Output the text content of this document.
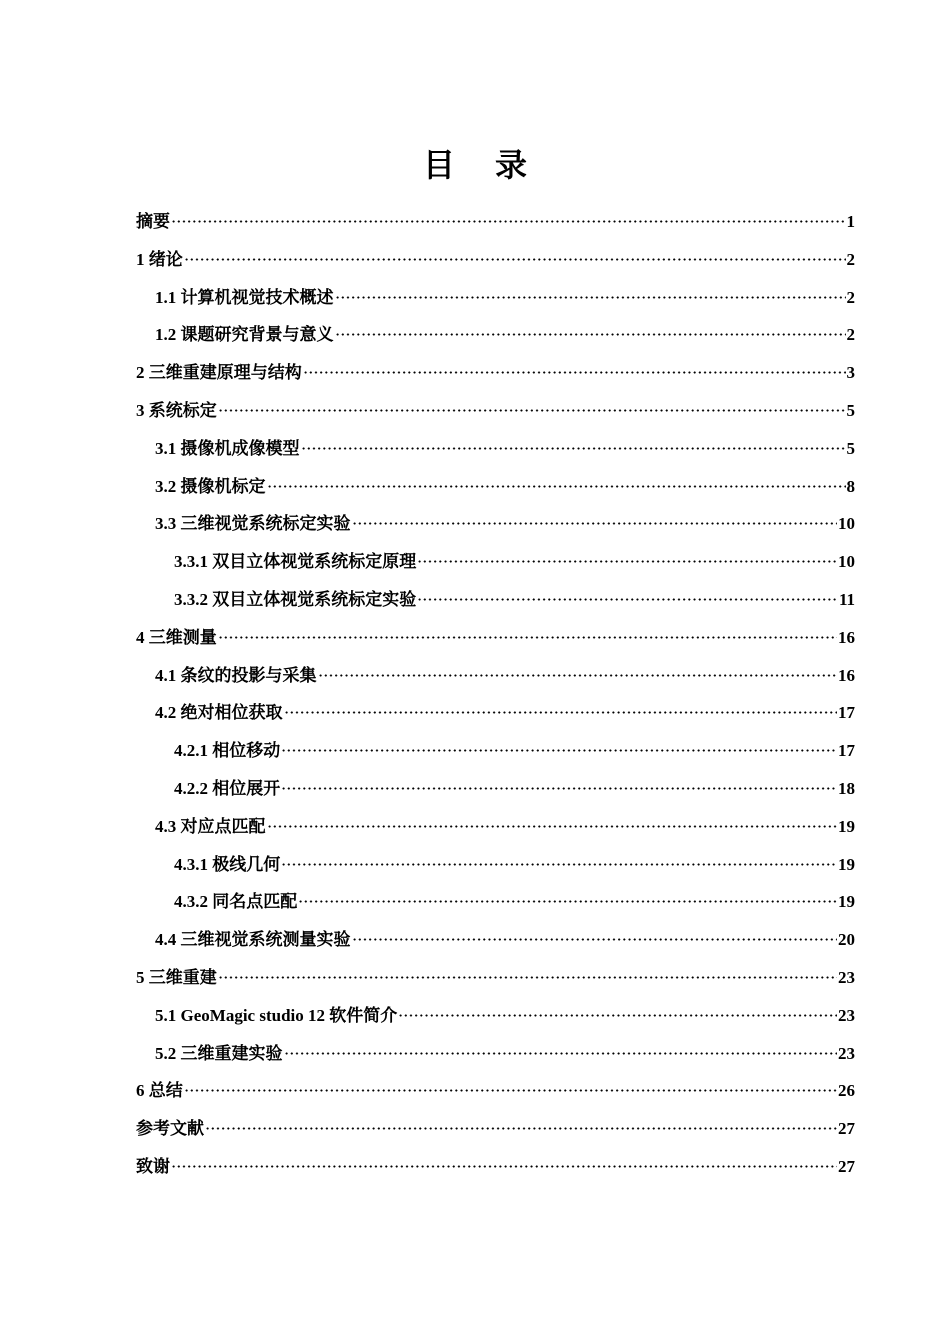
目 录
摘要	1
1 绪论	2
1.1 计算机视觉技术概述	2
1.2 课题研究背景与意义	2
2 三维重建原理与结构	3
3 系统标定	5
3.1 摄像机成像模型	5
3.2 摄像机标定	8
3.3 三维视觉系统标定实验	10
3.3.1 双目立体视觉系统标定原理	10
3.3.2 双目立体视觉系统标定实验	11
4 三维测量	16
4.1 条纹的投影与采集	16
4.2 绝对相位获取	17
4.2.1 相位移动	17
4.2.2 相位展开	18
4.3 对应点匹配	19
4.3.1 极线几何	19
4.3.2 同名点匹配	19
4.4 三维视觉系统测量实验	20
5 三维重建	23
5.1 GeoMagic studio 12 软件简介	23
5.2 三维重建实验	23
6 总结	26
参考文献	27
致谢	27
